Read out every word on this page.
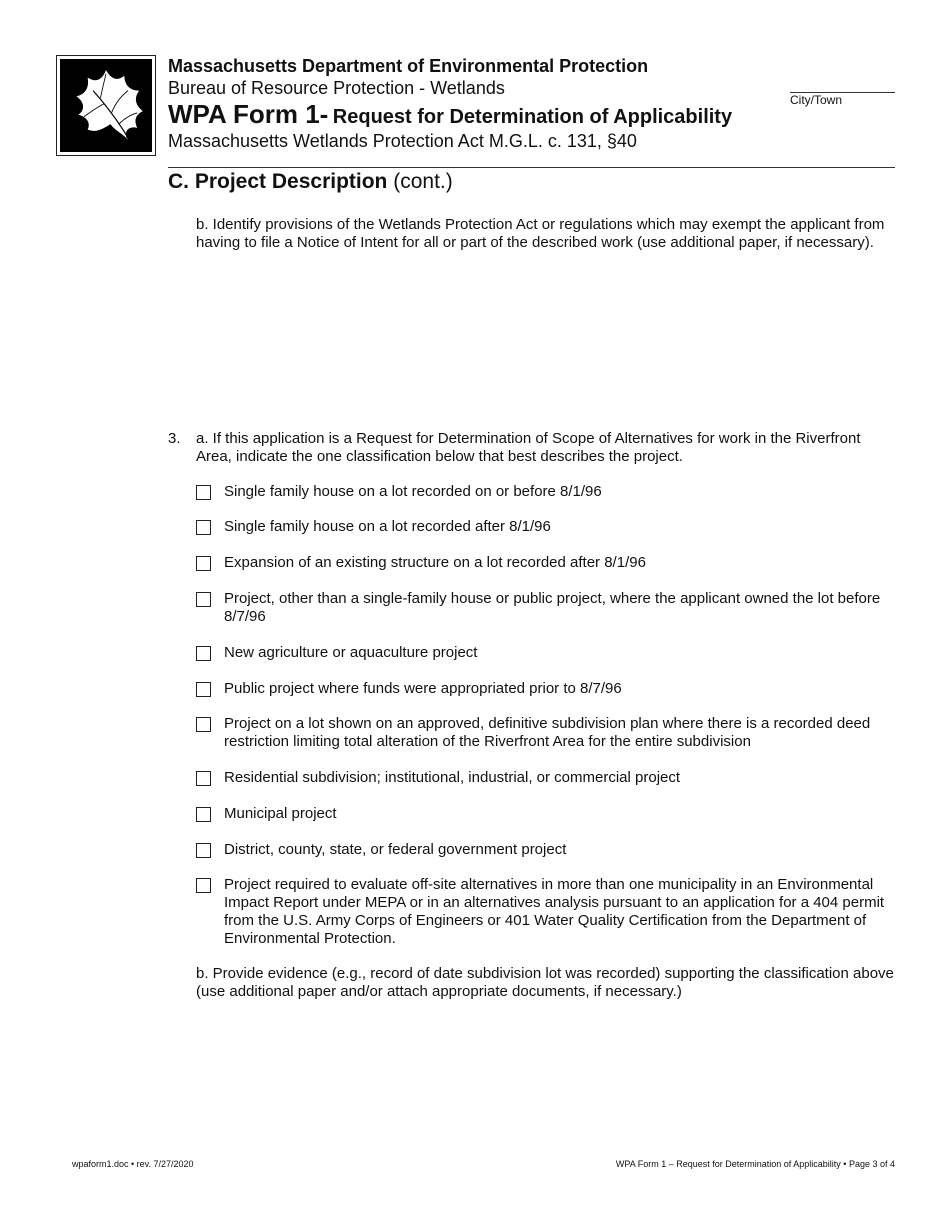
Massachusetts Department of Environmental Protection
Bureau of Resource Protection - Wetlands
WPA Form 1- Request for Determination of Applicability
Massachusetts Wetlands Protection Act M.G.L. c. 131, §40
City/Town
C. Project Description (cont.)
b. Identify provisions of the Wetlands Protection Act or regulations which may exempt the applicant from having to file a Notice of Intent for all or part of the described work (use additional paper, if necessary).
3. a. If this application is a Request for Determination of Scope of Alternatives for work in the Riverfront Area, indicate the one classification below that best describes the project.
Single family house on a lot recorded on or before 8/1/96
Single family house on a lot recorded after 8/1/96
Expansion of an existing structure on a lot recorded after 8/1/96
Project, other than a single-family house or public project, where the applicant owned the lot before 8/7/96
New agriculture or aquaculture project
Public project where funds were appropriated prior to 8/7/96
Project on a lot shown on an approved, definitive subdivision plan where there is a recorded deed restriction limiting total alteration of the Riverfront Area for the entire subdivision
Residential subdivision; institutional, industrial, or commercial project
Municipal project
District, county, state, or federal government project
Project required to evaluate off-site alternatives in more than one municipality in an Environmental Impact Report under MEPA or in an alternatives analysis pursuant to an application for a 404 permit from the U.S. Army Corps of Engineers or 401 Water Quality Certification from the Department of Environmental Protection.
b. Provide evidence (e.g., record of date subdivision lot was recorded) supporting the classification above (use additional paper and/or attach appropriate documents, if necessary.)
wpaform1.doc • rev. 7/27/2020	WPA Form 1 – Request for Determination of Applicability • Page 3 of 4
